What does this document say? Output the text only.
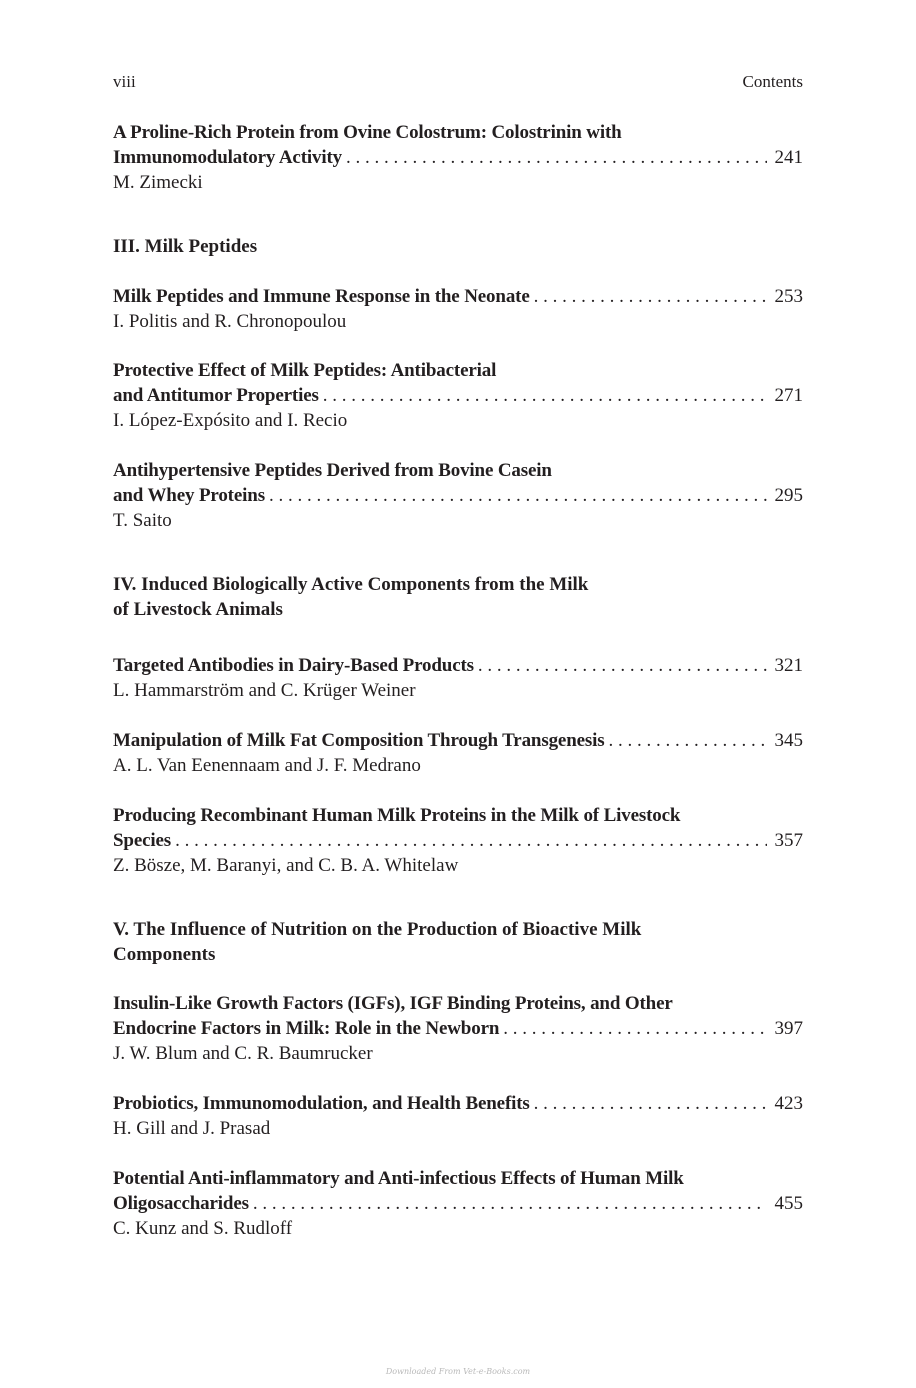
viii	Contents
A Proline-Rich Protein from Ovine Colostrum: Colostrinin with
Immunomodulatory Activity . . .	241
M. Zimecki
III. Milk Peptides
Milk Peptides and Immune Response in the Neonate . . .	253
I. Politis and R. Chronopoulou
Protective Effect of Milk Peptides: Antibacterial
and Antitumor Properties . . .	271
I. López-Expósito and I. Recio
Antihypertensive Peptides Derived from Bovine Casein
and Whey Proteins . . .	295
T. Saito
IV. Induced Biologically Active Components from the Milk
of Livestock Animals
Targeted Antibodies in Dairy-Based Products . . .	321
L. Hammarström and C. Krüger Weiner
Manipulation of Milk Fat Composition Through Transgenesis . . .	345
A. L. Van Eenennaam and J. F. Medrano
Producing Recombinant Human Milk Proteins in the Milk of Livestock
Species . . .	357
Z. Bösze, M. Baranyi, and C. B. A. Whitelaw
V. The Influence of Nutrition on the Production of Bioactive Milk
Components
Insulin-Like Growth Factors (IGFs), IGF Binding Proteins, and Other
Endocrine Factors in Milk: Role in the Newborn . . .	397
J. W. Blum and C. R. Baumrucker
Probiotics, Immunomodulation, and Health Benefits . . .	423
H. Gill and J. Prasad
Potential Anti-inflammatory and Anti-infectious Effects of Human Milk
Oligosaccharides . . .	455
C. Kunz and S. Rudloff
Downloaded From Vet-e-Books.com
